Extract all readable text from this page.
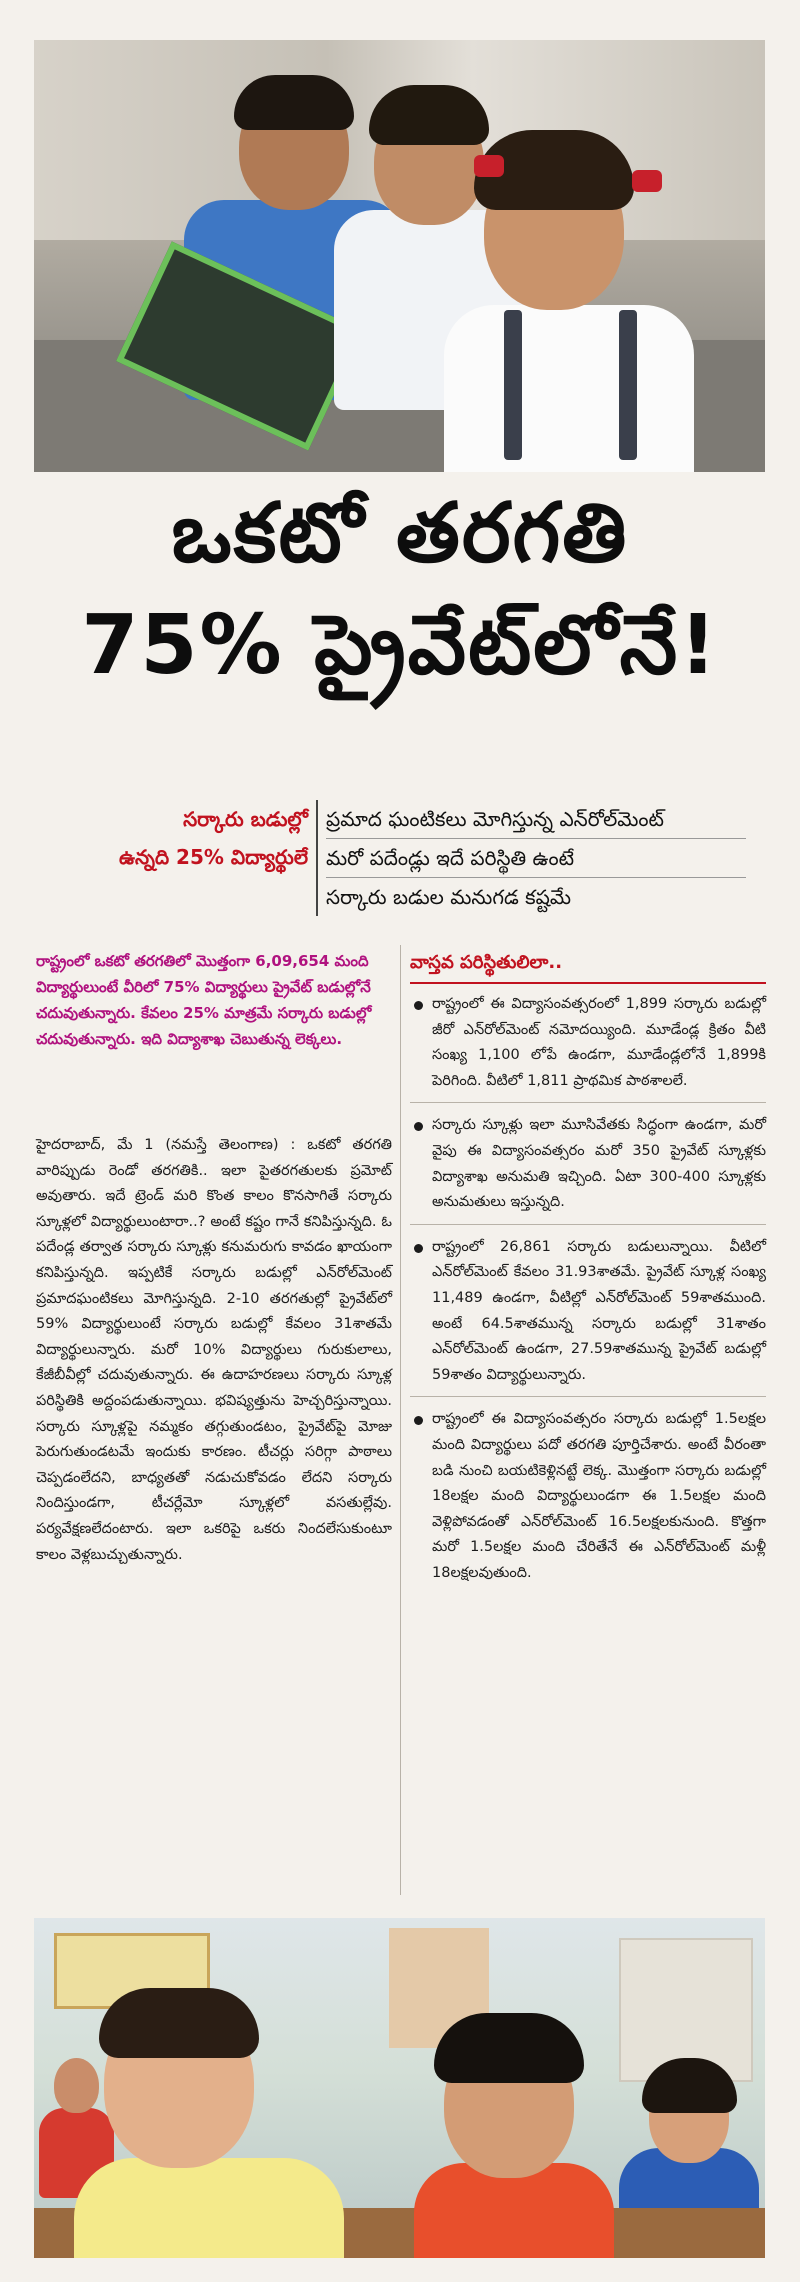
ఒకటో తరగతి
75% ప్రైవేట్‌లోనే!
సర్కారు బడుల్లో
ఉన్నది 25% విద్యార్థులే
ప్రమాద ఘంటికలు మోగిస్తున్న ఎన్‌రోల్‌మెంట్
మరో పదేండ్లు ఇదే పరిస్థితి ఉంటే
సర్కారు బడుల మనుగడ కష్టమే
రాష్ట్రంలో ఒకటో తరగతిలో మొత్తంగా 6,09,654 మంది విద్యార్థులుంటే వీరిలో 75% విద్యార్థులు ప్రైవేట్ బడుల్లోనే చదువుతున్నారు. కేవలం 25% మాత్రమే సర్కారు బడుల్లో చదువుతున్నారు. ఇది విద్యాశాఖ చెబుతున్న లెక్కలు.

హైదరాబాద్, మే 1 (నమస్తే తెలంగాణ) : ఒకటో తరగతి వారిప్పుడు రెండో తరగతికి.. ఇలా పైతరగతులకు ప్రమోట్ అవుతారు. ఇదే ట్రెండ్ మరి కొంత కాలం కొనసాగితే సర్కారు స్కూళ్లలో విద్యార్థులుంటారా..? అంటే కష్టం గానే కనిపిస్తున్నది. ఓ పదేండ్ల తర్వాత సర్కారు స్కూళ్లు కనుమరుగు కావడం ఖాయంగా కనిపిస్తున్నది. ఇప్పటికే సర్కారు బడుల్లో ఎన్‌రోల్‌మెంట్ ప్రమాదఘంటికలు మోగిస్తున్నది. 2-10 తరగతుల్లో ప్రైవేట్‌లో 59% విద్యార్థులుంటే సర్కారు బడుల్లో కేవలం 31శాతమే విద్యార్థులున్నారు. మరో 10% విద్యార్థులు గురుకులాలు, కేజీబీవీల్లో చదువుతున్నారు. ఈ ఉదాహరణలు సర్కారు స్కూళ్ల పరిస్థితికి అద్దంపడుతున్నాయి. భవిష్యత్తును హెచ్చరిస్తున్నాయి. సర్కారు స్కూళ్లపై నమ్మకం తగ్గుతుండటం, ప్రైవేట్‌పై మోజు పెరుగుతుండటమే ఇందుకు కారణం. టీచర్లు సరిగ్గా పాఠాలు చెప్పడంలేదని, బాధ్యతతో నడుచుకోవడం లేదని సర్కారు నిందిస్తుండగా, టీచర్లేమో స్కూళ్లలో వసతుల్లేవు. పర్యవేక్షణలేదంటారు. ఇలా ఒకరిపై ఒకరు నిందలేసుకుంటూ కాలం వెళ్లబుచ్చుతున్నారు.

వాస్తవ పరిస్థితులిలా..
రాష్ట్రంలో ఈ విద్యాసంవత్సరంలో 1,899 సర్కారు బడుల్లో జీరో ఎన్‌రోల్‌మెంట్ నమోదయ్యింది. మూడేండ్ల క్రితం వీటి సంఖ్య 1,100 లోపే ఉండగా, మూడేండ్లలోనే 1,899కి పెరిగింది. వీటిలో 1,811 ప్రాథమిక పాఠశాలలే.
సర్కారు స్కూళ్లు ఇలా మూసివేతకు సిద్ధంగా ఉండగా, మరో వైపు ఈ విద్యాసంవత్సరం మరో 350 ప్రైవేట్ స్కూళ్లకు విద్యాశాఖ అనుమతి ఇచ్చింది. ఏటా 300-400 స్కూళ్లకు అనుమతులు ఇస్తున్నది.
రాష్ట్రంలో 26,861 సర్కారు బడులున్నాయి. వీటిలో ఎన్‌రోల్‌మెంట్ కేవలం 31.93శాతమే. ప్రైవేట్ స్కూళ్ల సంఖ్య 11,489 ఉండగా, వీటిల్లో ఎన్‌రోల్‌మెంట్ 59శాతముంది. అంటే 64.5శాతమున్న సర్కారు బడుల్లో 31శాతం ఎన్‌రోల్‌మెంట్ ఉండగా, 27.59శాతమున్న ప్రైవేట్ బడుల్లో 59శాతం విద్యార్థులున్నారు.
రాష్ట్రంలో ఈ విద్యాసంవత్సరం సర్కారు బడుల్లో 1.5లక్షల మంది విద్యార్థులు పదో తరగతి పూర్తిచేశారు. అంటే వీరంతా బడి నుంచి బయటికెళ్లినట్టే లెక్క. మొత్తంగా సర్కారు బడుల్లో 18లక్షల మంది విద్యార్థులుండగా ఈ 1.5లక్షల మంది వెళ్లిపోవడంతో ఎన్‌రోల్‌మెంట్ 16.5లక్షలకునుంది. కొత్తగా మరో 1.5లక్షల మంది చేరితేనే ఈ ఎన్‌రోల్‌మెంట్ మళ్లీ 18లక్షలవుతుంది.
